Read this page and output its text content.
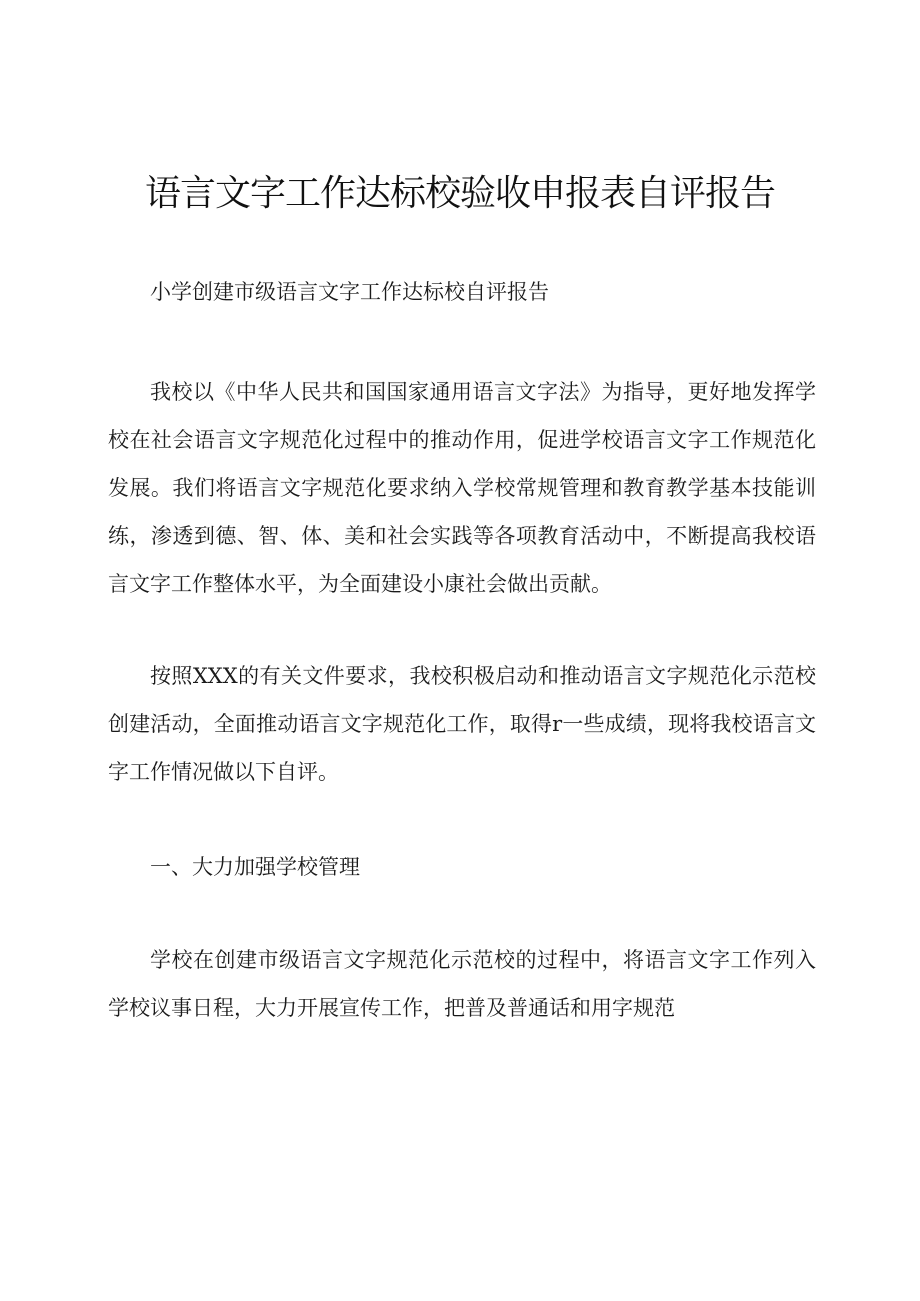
语言文字工作达标校验收申报表自评报告

小学创建市级语言文字工作达标校自评报告

我校以《中华人民共和国国家通用语言文字法》为指导，更好地发挥学校在社会语言文字规范化过程中的推动作用，促进学校语言文字工作规范化发展。我们将语言文字规范化要求纳入学校常规管理和教育教学基本技能训练，渗透到德、智、体、美和社会实践等各项教育活动中，不断提高我校语言文字工作整体水平，为全面建设小康社会做出贡献。

按照XXX的有关文件要求，我校积极启动和推动语言文字规范化示范校创建活动，全面推动语言文字规范化工作，取得r一些成绩，现将我校语言文字工作情况做以下自评。

一、大力加强学校管理

学校在创建市级语言文字规范化示范校的过程中，将语言文字工作列入学校议事日程，大力开展宣传工作，把普及普通话和用字规范
